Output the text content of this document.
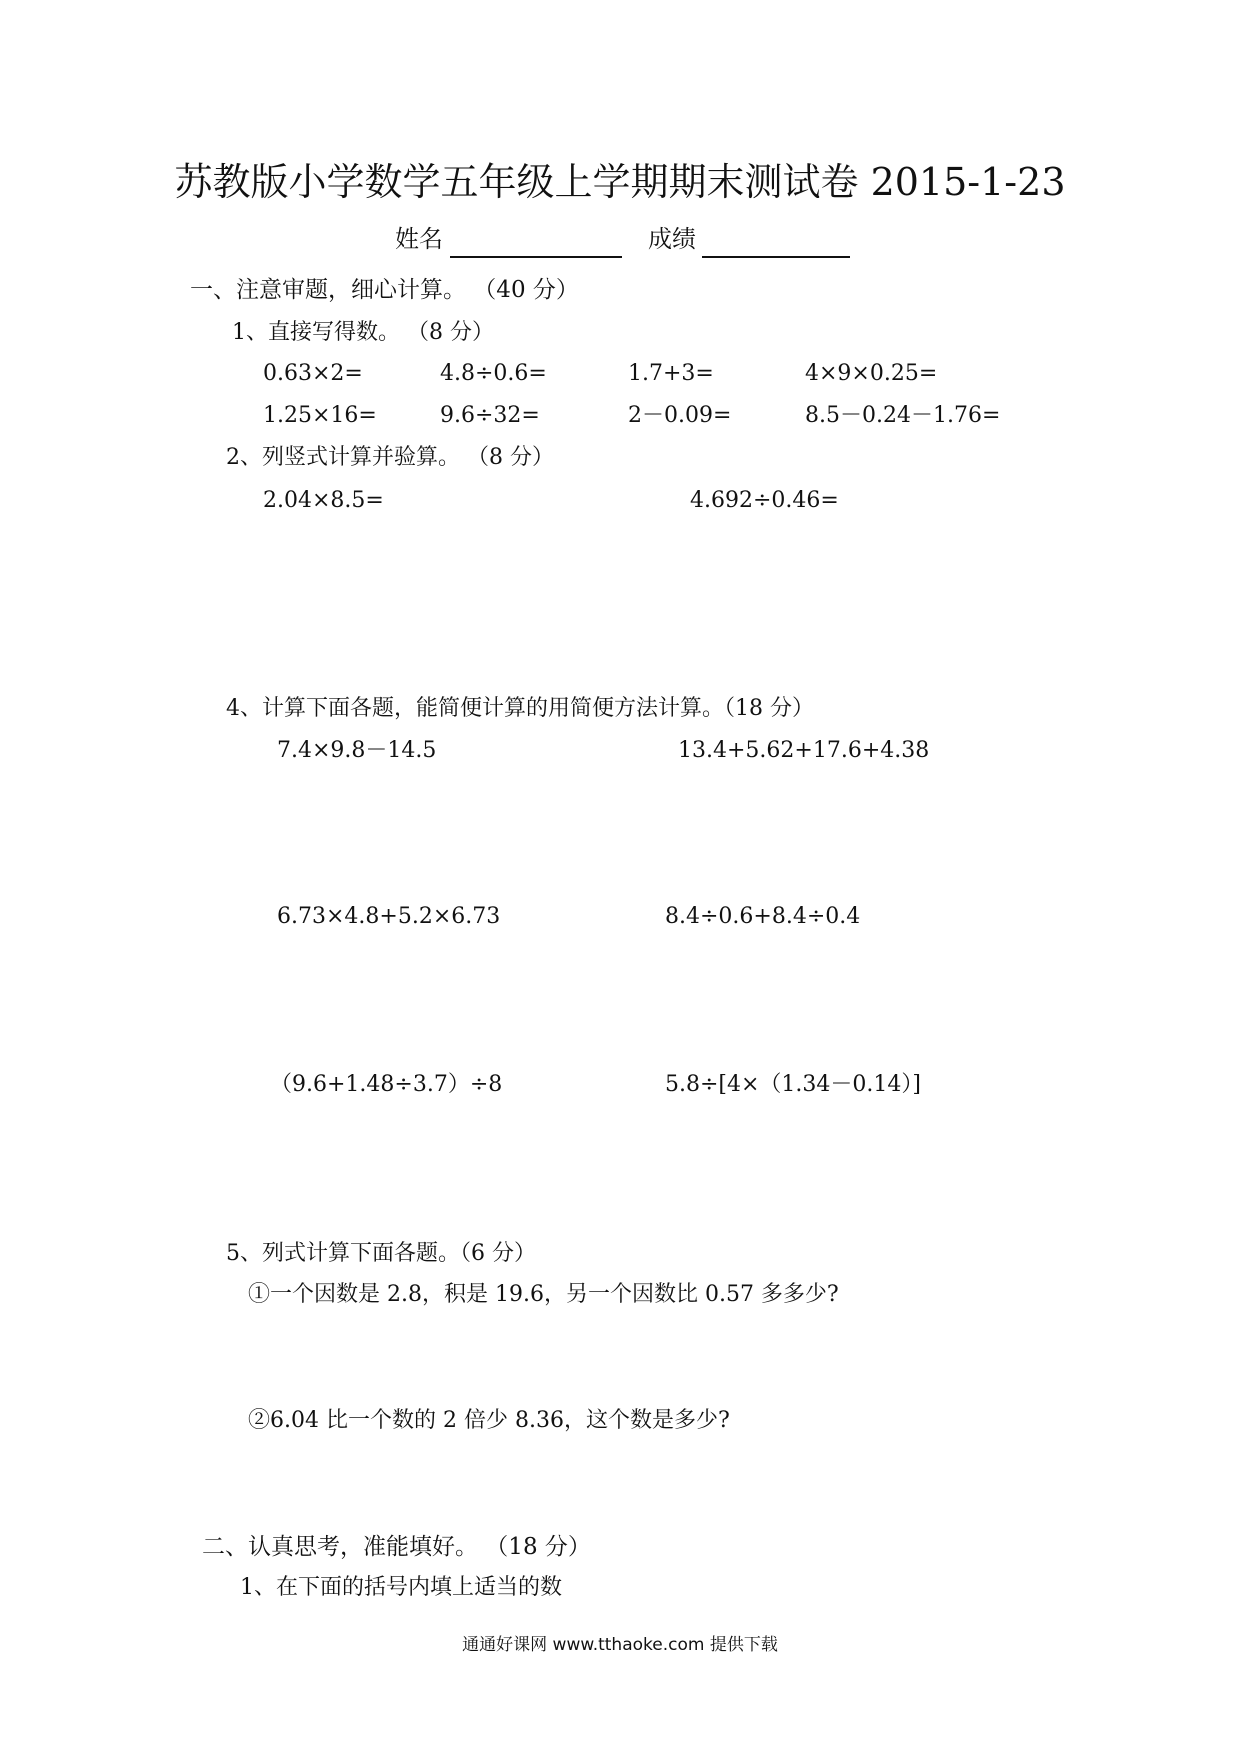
苏教版小学数学五年级上学期期末测试卷 2015-1-23
姓名	成绩
一、注意审题，细心计算。 （40 分）
1、直接写得数。 （8 分）
0.63×2=	4.8÷0.6=	1.7+3=	4×9×0.25=
1.25×16=	9.6÷32=	2－0.09=	8.5－0.24－1.76=
2、列竖式计算并验算。 （8 分）
2.04×8.5=	4.692÷0.46=
4、计算下面各题，能简便计算的用简便方法计算。（18 分）
7.4×9.8－14.5	13.4+5.62+17.6+4.38
6.73×4.8+5.2×6.73	8.4÷0.6+8.4÷0.4
（9.6+1.48÷3.7）÷8	5.8÷[4×（1.34－0.14）]
5、列式计算下面各题。（6 分）
①一个因数是 2.8，积是 19.6，另一个因数比 0.57 多多少?
②6.04 比一个数的 2 倍少 8.36，这个数是多少?
二、认真思考，准能填好。 （18 分）
1、在下面的括号内填上适当的数
通通好课网 www.tthaoke.com 提供下载
